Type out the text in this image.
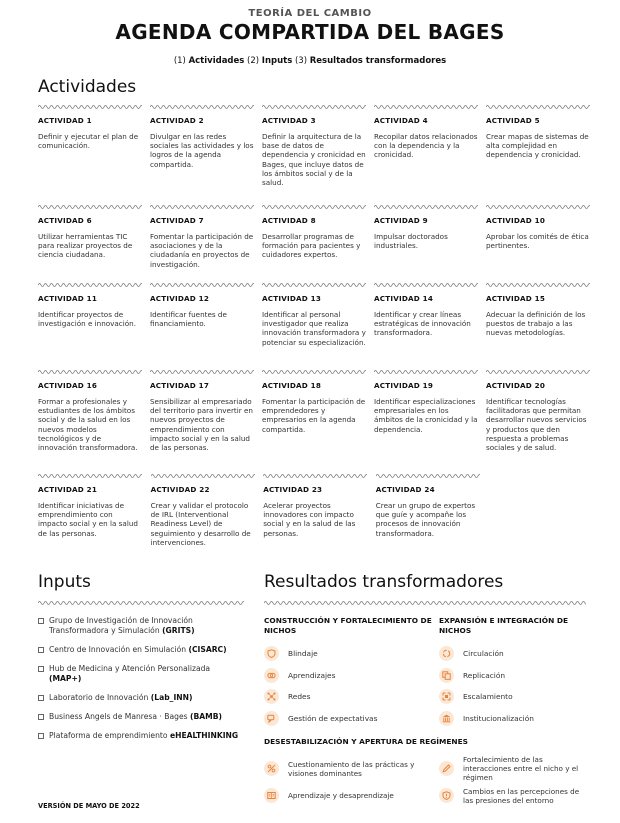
TEORÍA DEL CAMBIO
AGENDA COMPARTIDA DEL BAGES
(1) Actividades (2) Inputs (3) Resultados transformadores
Actividades
ACTIVIDAD 1
Definir y ejecutar el plan de comunicación.
ACTIVIDAD 2
Divulgar en las redes sociales las actividades y los logros de la agenda compartida.
ACTIVIDAD 3
Definir la arquitectura de la base de datos de dependencia y cronicidad en Bages, que incluye datos de los ámbitos social y de la salud.
ACTIVIDAD 4
Recopilar datos relacionados con la dependencia y la cronicidad.
ACTIVIDAD 5
Crear mapas de sistemas de alta complejidad en dependencia y cronicidad.
ACTIVIDAD 6
Utilizar herramientas TIC para realizar proyectos de ciencia ciudadana.
ACTIVIDAD 7
Fomentar la participación de asociaciones y de la ciudadanía en proyectos de investigación.
ACTIVIDAD 8
Desarrollar programas de formación para pacientes y cuidadores expertos.
ACTIVIDAD 9
Impulsar doctorados industriales.
ACTIVIDAD 10
Aprobar los comités de ética pertinentes.
ACTIVIDAD 11
Identificar proyectos de investigación e innovación.
ACTIVIDAD 12
Identificar fuentes de financiamiento.
ACTIVIDAD 13
Identificar al personal investigador que realiza innovación transformadora y potenciar su especialización.
ACTIVIDAD 14
Identificar y crear líneas estratégicas de innovación transformadora.
ACTIVIDAD 15
Adecuar la definición de los puestos de trabajo a las nuevas metodologías.
ACTIVIDAD 16
Formar a profesionales y estudiantes de los ámbitos social y de la salud en los nuevos modelos tecnológicos y de innovación transformadora.
ACTIVIDAD 17
Sensibilizar al empresariado del territorio para invertir en nuevos proyectos de emprendimiento con impacto social y en la salud de las personas.
ACTIVIDAD 18
Fomentar la participación de emprendedores y empresarios en la agenda compartida.
ACTIVIDAD 19
Identificar especializaciones empresariales en los ámbitos de la cronicidad y la dependencia.
ACTIVIDAD 20
Identificar tecnologías facilitadoras que permitan desarrollar nuevos servicios y productos que den respuesta a problemas sociales y de salud.
ACTIVIDAD 21
Identificar iniciativas de emprendimiento con impacto social y en la salud de las personas.
ACTIVIDAD 22
Crear y validar el protocolo de IRL (Interventional Readiness Level) de seguimiento y desarrollo de intervenciones.
ACTIVIDAD 23
Acelerar proyectos innovadores con impacto social y en la salud de las personas.
ACTIVIDAD 24
Crear un grupo de expertos que guíe y acompañe los procesos de innovación transformadora.
Inputs
Grupo de Investigación de Innovación Transformadora y Simulación (GRITS)
Centro de Innovación en Simulación (CISARC)
Hub de Medicina y Atención Personalizada (MAP+)
Laboratorio de Innovación (Lab_INN)
Business Angels de Manresa · Bages (BAMB)
Plataforma de emprendimiento eHEALTHINKING
Resultados transformadores
CONSTRUCCIÓN Y FORTALECIMIENTO DE NICHOS
Blindaje
Aprendizajes
Redes
Gestión de expectativas
EXPANSIÓN E INTEGRACIÓN DE NICHOS
Circulación
Replicación
Escalamiento
Institucionalización
DESESTABILIZACIÓN Y APERTURA DE REGÍMENES
Cuestionamiento de las prácticas y visiones dominantes
Aprendizaje y desaprendizaje
Fortalecimiento de las interacciones entre el nicho y el régimen
Cambios en las percepciones de las presiones del entorno
VERSIÓN DE MAYO DE 2022
